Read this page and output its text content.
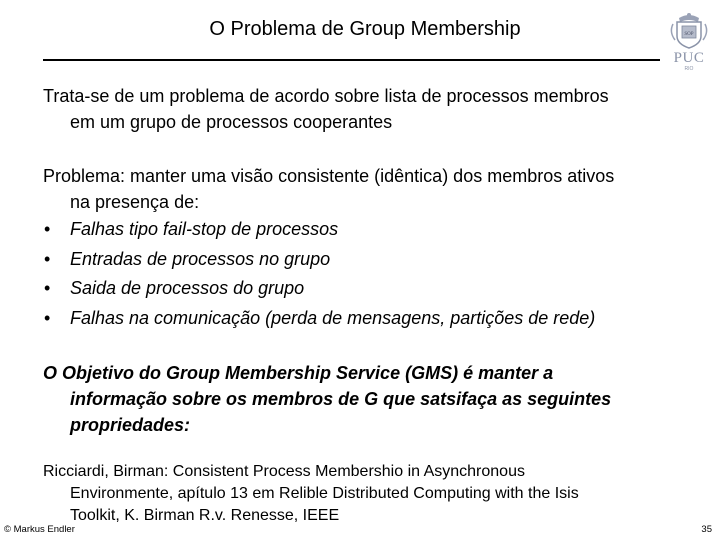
O Problema de Group Membership	SOP
PUC
RIO
Trata-se de um problema de acordo sobre lista de processos membros
em um grupo de processos cooperantes
Problema: manter uma visão consistente (idêntica) dos membros ativos
na presença de:
• Falhas tipo fail-stop de processos
• Entradas de processos no grupo
• Saida de processos do grupo
• Falhas na comunicação (perda de mensagens, partições de rede)
O Objetivo do Group Membership Service (GMS) é manter a
informação sobre os membros de G que satsifaça as seguintes
propriedades:
Ricciardi, Birman: Consistent Process Membershio in Asynchronous
Environmente, apítulo 13 em Relible Distributed Computing with the Isis
Toolkit, K. Birman R.v. Renesse, IEEE
© Markus Endler	35
